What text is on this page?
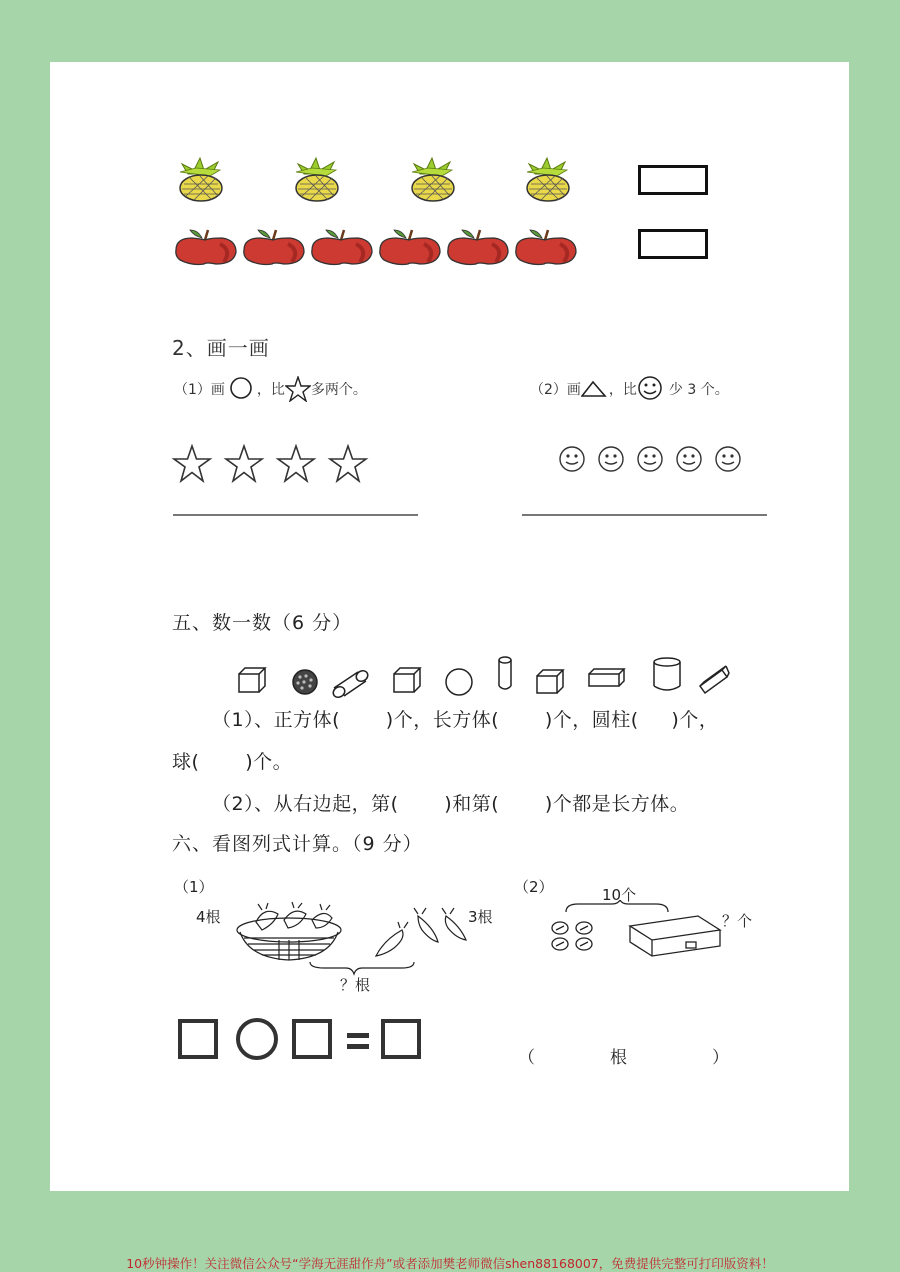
2、画一画
（1）画 ，比 多两个。	（2）画 ，比 少 3 个。
五、数一数（6 分）
（1）、正方体(       )个，长方体(       )个，圆柱(     )个，
球(       )个。
（2）、从右边起，第(       )和第(       )个都是长方体。
六、看图列式计算。（9 分）
（1）
4根	3根
？根
（2）	10个
？个
（	根	）
10秒钟操作！关注微信公众号“学海无涯甜作舟”或者添加樊老师微信shen88168007，免费提供完整可打印版资料！
